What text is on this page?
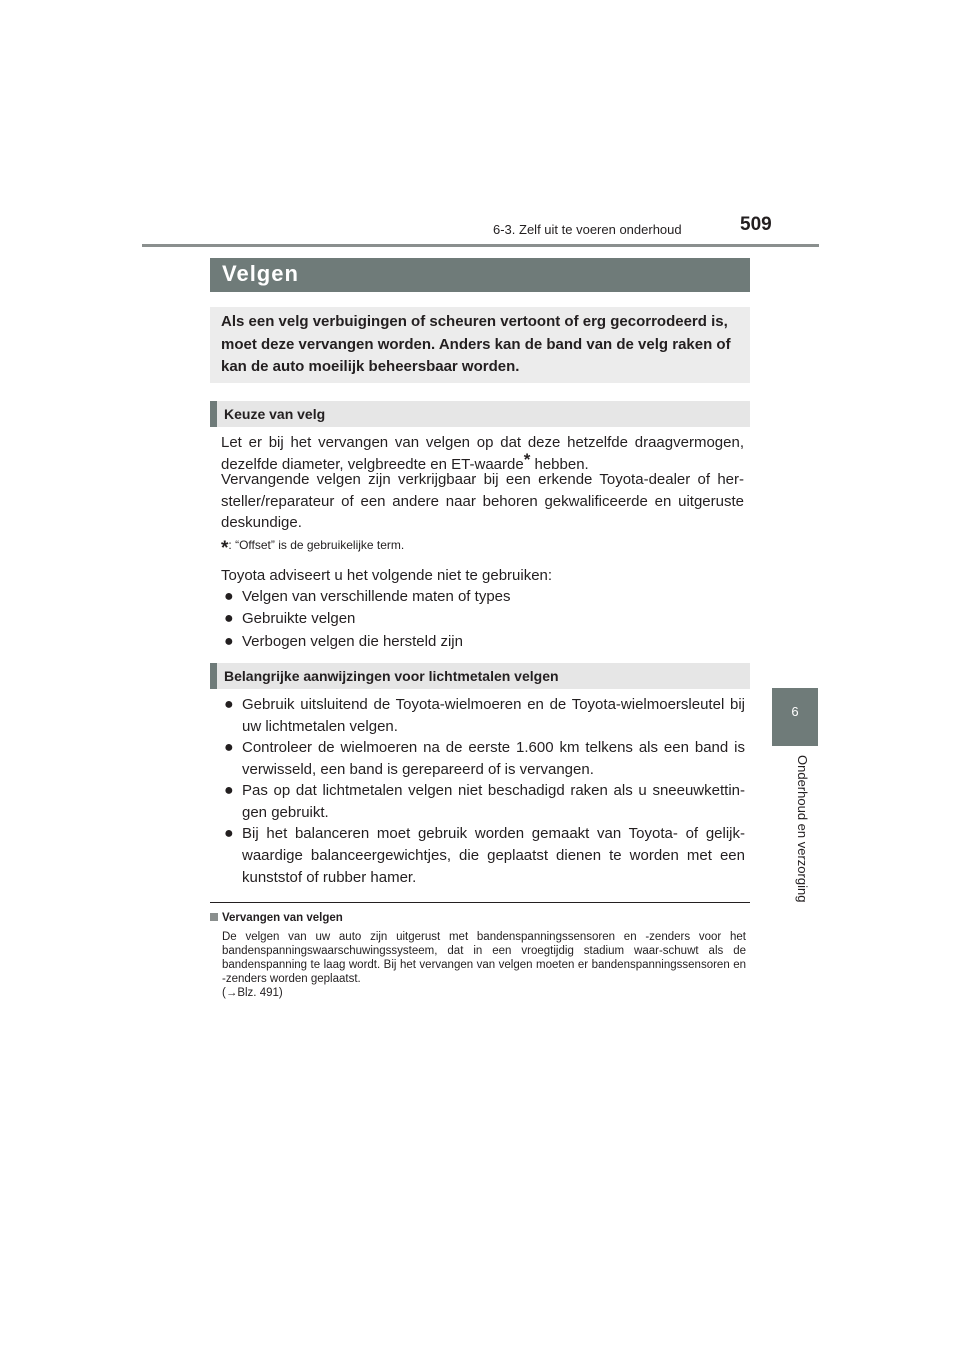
6-3. Zelf uit te voeren onderhoud	509
6
Onderhoud en verzorging
Velgen
Als een velg verbuigingen of scheuren vertoont of erg gecorrodeerd is, moet deze vervangen worden. Anders kan de band van de velg raken of kan de auto moeilijk beheersbaar worden.
Keuze van velg
Let er bij het vervangen van velgen op dat deze hetzelfde draagvermogen, dezelfde diameter, velgbreedte en ET-waarde* hebben.
Vervangende velgen zijn verkrijgbaar bij een erkende Toyota-dealer of her-steller/reparateur of een andere naar behoren gekwalificeerde en uitgeruste deskundige.
*: “Offset” is de gebruikelijke term.
Toyota adviseert u het volgende niet te gebruiken:
● Velgen van verschillende maten of types
● Gebruikte velgen
● Verbogen velgen die hersteld zijn
Belangrijke aanwijzingen voor lichtmetalen velgen
● Gebruik uitsluitend de Toyota-wielmoeren en de Toyota-wielmoersleutel bij uw lichtmetalen velgen.
● Controleer de wielmoeren na de eerste 1.600 km telkens als een band is verwisseld, een band is gerepareerd of is vervangen.
● Pas op dat lichtmetalen velgen niet beschadigd raken als u sneeuwkettin-gen gebruikt.
● Bij het balanceren moet gebruik worden gemaakt van Toyota- of gelijk-waardige balanceergewichtjes, die geplaatst dienen te worden met een kunststof of rubber hamer.
Vervangen van velgen
De velgen van uw auto zijn uitgerust met bandenspanningssensoren en -zenders voor het bandenspanningswaarschuwingssysteem, dat in een vroegtijdig stadium waar-schuwt als de bandenspanning te laag wordt. Bij het vervangen van velgen moeten er bandenspanningssensoren en -zenders worden geplaatst.
(→Blz. 491)
